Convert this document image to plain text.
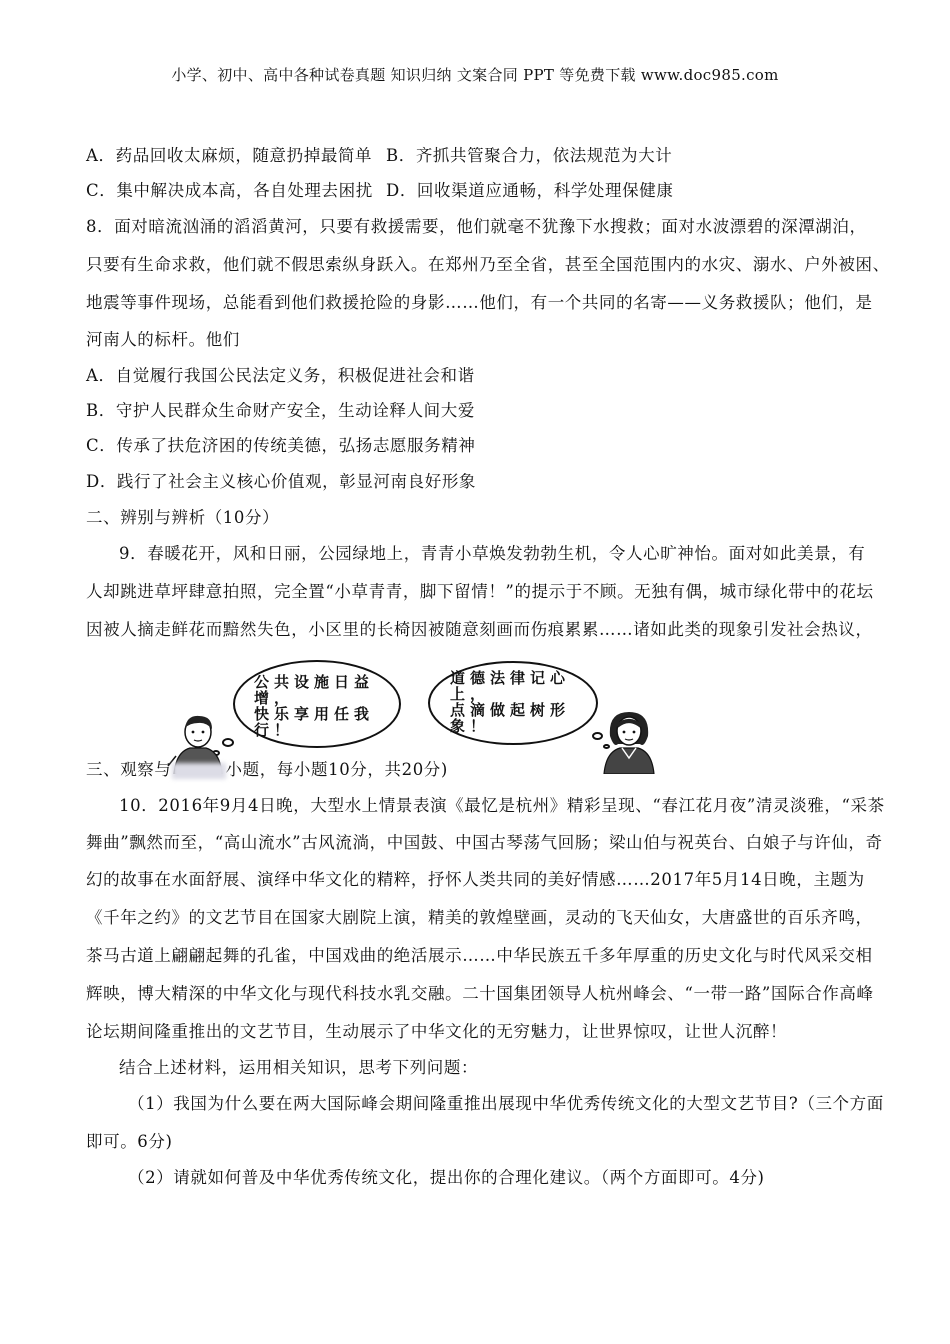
小学、初中、高中各种试卷真题 知识归纳 文案合同 PPT 等免费下载 www.doc985.com
A．药品回收太麻烦，随意扔掉最简单 B．齐抓共管聚合力，依法规范为大计
C．集中解决成本高，各自处理去困扰 D．回收渠道应通畅，科学处理保健康
8．面对暗流汹涌的滔滔黄河，只要有救援需要，他们就毫不犹豫下水搜救；面对水波漂碧的深潭湖泊，
只要有生命求救，他们就不假思索纵身跃入。在郑州乃至全省，甚至全国范围内的水灾、溺水、户外被困、
地震等事件现场，总能看到他们救援抢险的身影……他们，有一个共同的名寄——义务救援队；他们，是
河南人的标杆。他们
A．自觉履行我国公民法定义务，积极促进社会和谐
B．守护人民群众生命财产安全，生动诠释人间大爱
C．传承了扶危济困的传统美德，弘扬志愿服务精神
D．践行了社会主义核心价值观，彰显河南良好形象
二、辨别与辨析（10分）
9．春暖花开，风和日丽，公园绿地上，青青小草焕发勃勃生机，令人心旷神怡。面对如此美景，有
人却跳进草坪肆意拍照，完全置“小草青青，脚下留情！”的提示于不顾。无独有偶，城市绿化带中的花坛
因被人摘走鲜花而黯然失色，小区里的长椅因被随意刻画而伤痕累累……诸如此类的现象引发社会热议，
公共设施日益
增，
快乐享用任我
行！
道德法律记心
上，
点滴做起树形
象！
三、观察与	小题，每小题10分，共20分)
10．2016年9月4日晚，大型水上情景表演《最忆是杭州》精彩呈现、“春江花月夜”清灵淡雅，“采茶
舞曲”飘然而至，“高山流水”古风流淌，中国鼓、中国古琴荡气回肠；梁山伯与祝英台、白娘子与许仙，奇
幻的故事在水面舒展、演绎中华文化的精粹，抒怀人类共同的美好情感……2017年5月14日晚，主题为
《千年之约》的文艺节目在国家大剧院上演，精美的敦煌壁画，灵动的飞天仙女，大唐盛世的百乐齐鸣，
茶马古道上翩翩起舞的孔雀，中国戏曲的绝活展示……中华民族五千多年厚重的历史文化与时代风采交相
辉映，博大精深的中华文化与现代科技水乳交融。二十国集团领导人杭州峰会、“一带一路”国际合作高峰
论坛期间隆重推出的文艺节目，生动展示了中华文化的无穷魅力，让世界惊叹，让世人沉醉！
结合上述材料，运用相关知识，思考下列问题：
（1）我国为什么要在两大国际峰会期间隆重推出展现中华优秀传统文化的大型文艺节目?（三个方面
即可。6分)
（2）请就如何普及中华优秀传统文化，提出你的合理化建议。（两个方面即可。4分)
